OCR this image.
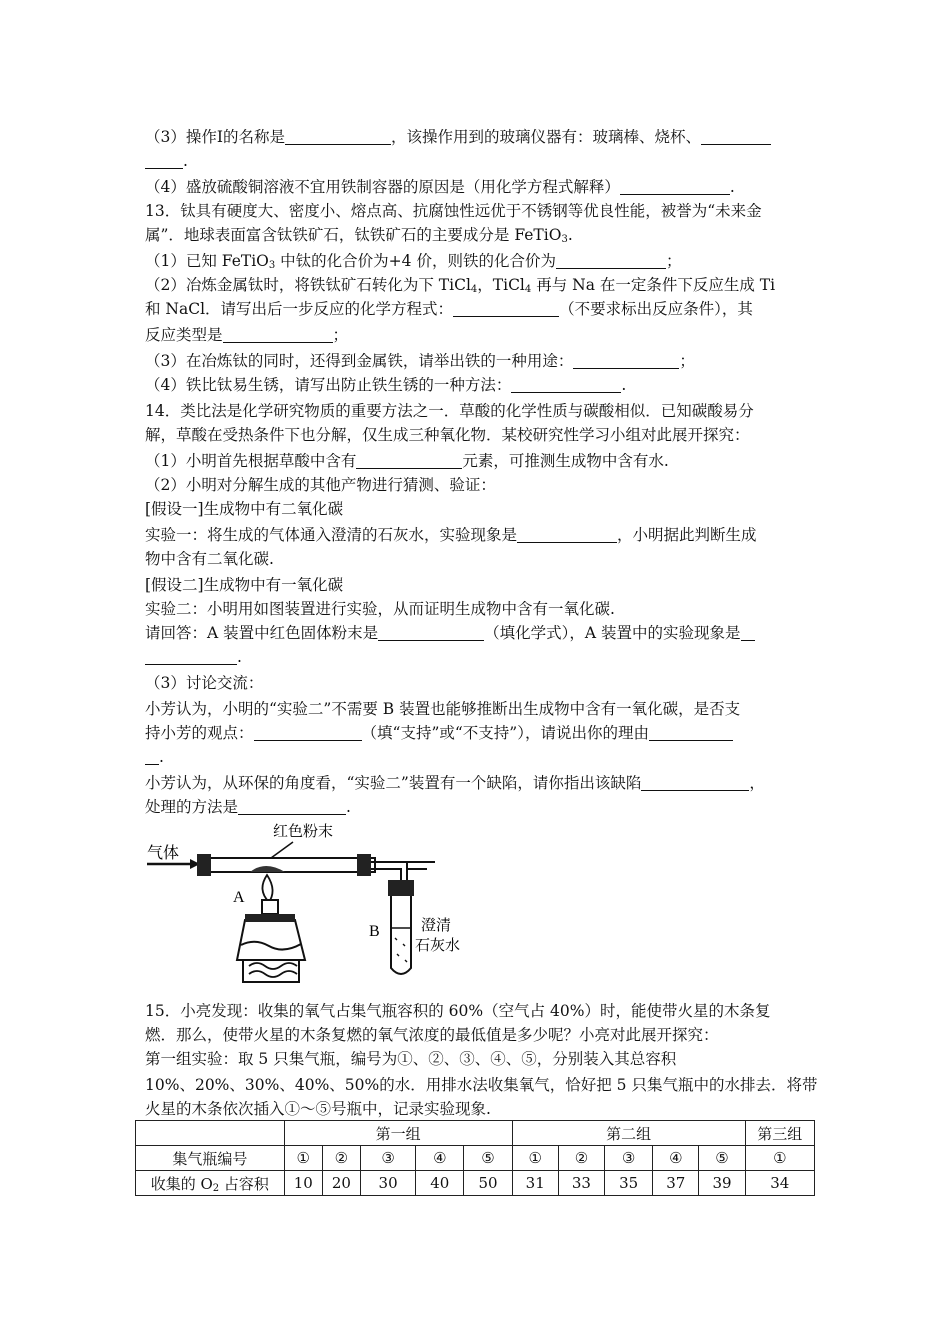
（3）操作Ⅰ的名称是	，该操作用到的玻璃仪器有：玻璃棒、烧杯、
.
（4）盛放硫酸铜溶液不宜用铁制容器的原因是（用化学方程式解释）	.
13．钛具有硬度大、密度小、熔点高、抗腐蚀性远优于不锈钢等优良性能，被誉为“未来金
属”．地球表面富含钛铁矿石，钛铁矿石的主要成分是 FeTiO$_3$.
（1）已知 FeTiO$_3$ 中钛的化合价为+4 价，则铁的化合价为	；
（2）冶炼金属钛时，将铁钛矿石转化为下 TiCl$_4$，TiCl$_4$ 再与 Na 在一定条件下反应生成 Ti
和 NaCl．请写出后一步反应的化学方程式：	（不要求标出反应条件），其
反应类型是	；
（3）在冶炼钛的同时，还得到金属铁，请举出铁的一种用途：	；
（4）铁比钛易生锈，请写出防止铁生锈的一种方法：	.
14．类比法是化学研究物质的重要方法之一．草酸的化学性质与碳酸相似．已知碳酸易分
解，草酸在受热条件下也分解，仅生成三种氧化物．某校研究性学习小组对此展开探究：
（1）小明首先根据草酸中含有	元素，可推测生成物中含有水.
（2）小明对分解生成的其他产物进行猜测、验证：
[假设一]生成物中有二氧化碳
实验一：将生成的气体通入澄清的石灰水，实验现象是	，小明据此判断生成
物中含有二氧化碳.
[假设二]生成物中有一氧化碳
实验二：小明用如图装置进行实验，从而证明生成物中含有一氧化碳.
请回答：A 装置中红色固体粉末是	（填化学式），A 装置中的实验现象是
.
（3）讨论交流：
小芳认为，小明的“实验二”不需要 B 装置也能够推断出生成物中含有一氧化碳，是否支
持小芳的观点：	（填“支持”或“不支持”），请说出你的理由
.
小芳认为，从环保的角度看，“实验二”装置有一个缺陷，请你指出该缺陷	，
处理的方法是	.
气体
红色粉末
A
B	澄清
石灰水
15．小亮发现：收集的氧气占集气瓶容积的 60%（空气占 40%）时，能使带火星的木条复
燃．那么，使带火星的木条复燃的氧气浓度的最低值是多少呢？小亮对此展开探究：
第一组实验：取 5 只集气瓶，编号为①、②、③、④、⑤，分别装入其总容积
10%、20%、30%、40%、50%的水．用排水法收集氧气，恰好把 5 只集气瓶中的水排去．将带
火星的木条依次插入①～⑤号瓶中，记录实验现象.
	第一组					第二组					第三组
集气瓶编号	①	②	③	④	⑤	①	②	③	④	⑤	①
收集的 $O_2$ 占容积	10	20	30	40	50	31	33	35	37	39	34
